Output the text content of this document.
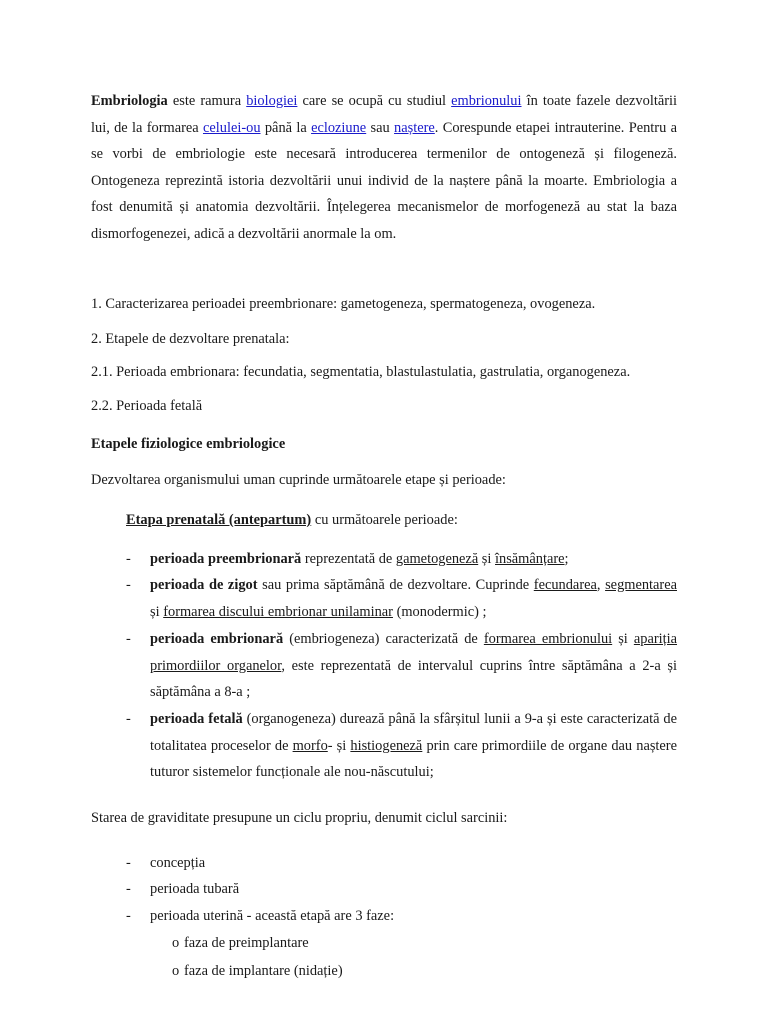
Embriologia este ramura biologiei care se ocupă cu studiul embrionului în toate fazele dezvoltării lui, de la formarea celulei-ou până la ecloziune sau naștere. Corespunde etapei intrauterine. Pentru a se vorbi de embriologie este necesară introducerea termenilor de ontogeneză și filogeneză. Ontogeneza reprezintă istoria dezvoltării unui individ de la naștere până la moarte. Embriologia a fost denumită și anatomia dezvoltării. Înțelegerea mecanismelor de morfogeneză au stat la baza dismorfogenezei, adică a dezvoltării anormale la om.

1. Caracterizarea perioadei preembrionare: gametogeneza, spermatogeneza, ovogeneza.

2. Etapele de dezvoltare prenatala:

2.1. Perioada embrionara: fecundatia, segmentatia, blastulastulatia, gastrulatia, organogeneza.

2.2. Perioada fetală

Etapele fiziologice embriologice

Dezvoltarea organismului uman cuprinde următoarele etape și perioade:

Etapa prenatală (antepartum) cu următoarele perioade:

-	perioada preembrionară reprezentată de gametogeneză și însămânțare;

-	perioada de zigot sau prima săptămână de dezvoltare. Cuprinde fecundarea, segmentarea și formarea discului embrionar unilaminar (monodermic) ;

-	perioada embrionară (embriogeneza) caracterizată de formarea embrionului și apariția primordiilor organelor, este reprezentată de intervalul cuprins între săptămâna a 2-a și săptămâna a 8-a ;

-	perioada fetală (organogeneza) durează până la sfârșitul lunii a 9-a și este caracterizată de totalitatea proceselor de morfo- și histiogeneză prin care primordiile de organe dau naștere tuturor sistemelor funcționale ale nou-născutului;

Starea de graviditate presupune un ciclu propriu, denumit ciclul sarcinii:

-	concepția

-	perioada tubară

-	perioada uterină - această etapă are 3 faze:

o faza de preimplantare

o faza de implantare (nidație)
